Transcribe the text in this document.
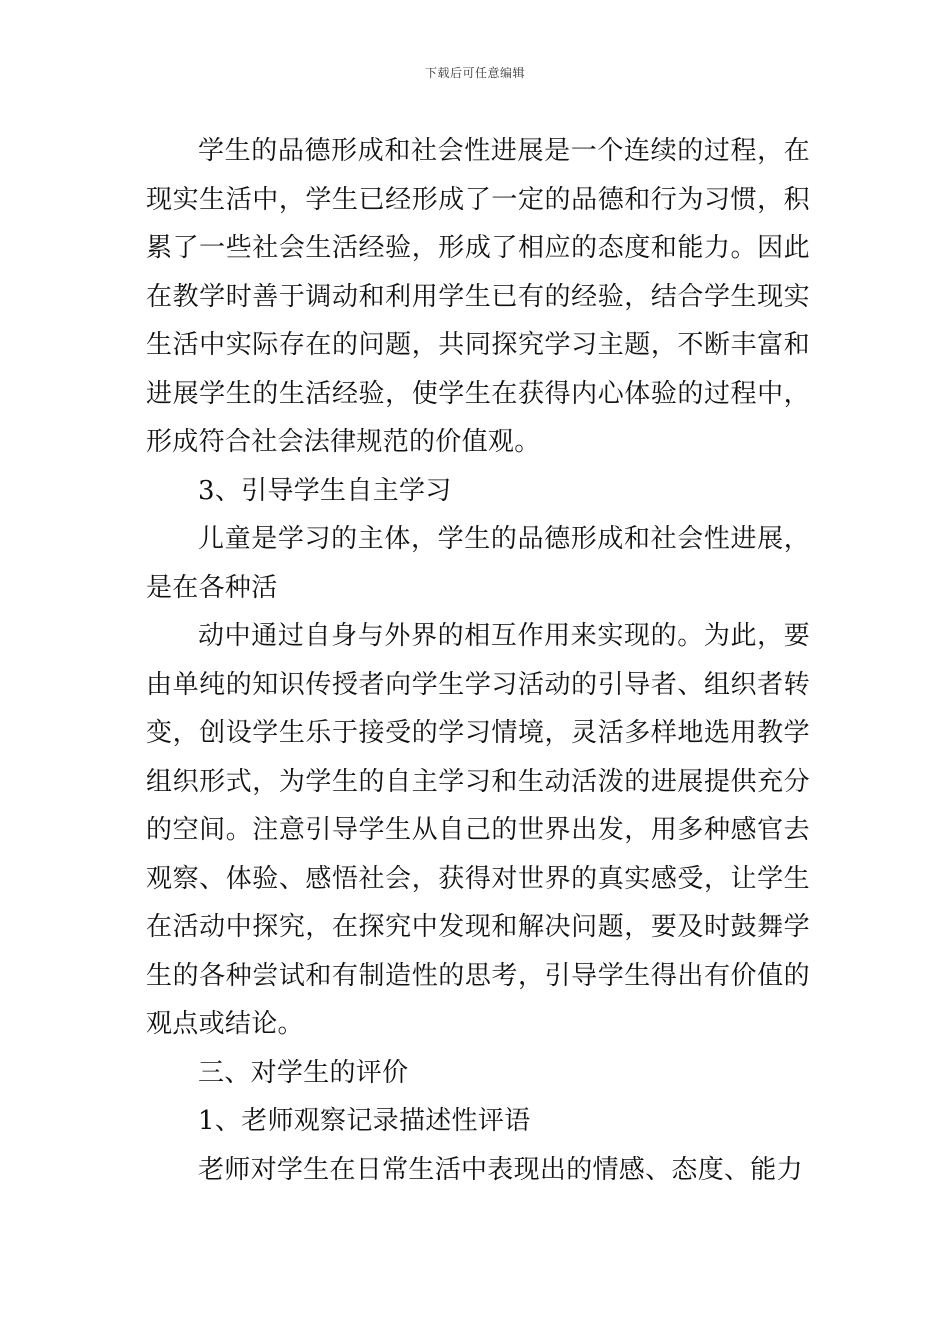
下载后可任意编辑

学生的品德形成和社会性进展是一个连续的过程，在现实生活中，学生已经形成了一定的品德和行为习惯，积累了一些社会生活经验，形成了相应的态度和能力。因此在教学时善于调动和利用学生已有的经验，结合学生现实生活中实际存在的问题，共同探究学习主题，不断丰富和进展学生的生活经验，使学生在获得内心体验的过程中，形成符合社会法律规范的价值观。

3、引导学生自主学习

儿童是学习的主体，学生的品德形成和社会性进展，是在各种活

动中通过自身与外界的相互作用来实现的。为此，要由单纯的知识传授者向学生学习活动的引导者、组织者转变，创设学生乐于接受的学习情境，灵活多样地选用教学组织形式，为学生的自主学习和生动活泼的进展提供充分的空间。注意引导学生从自己的世界出发，用多种感官去观察、体验、感悟社会，获得对世界的真实感受，让学生在活动中探究，在探究中发现和解决问题，要及时鼓舞学生的各种尝试和有制造性的思考，引导学生得出有价值的观点或结论。

三、对学生的评价

1、老师观察记录描述性评语

老师对学生在日常生活中表现出的情感、态度、能力
